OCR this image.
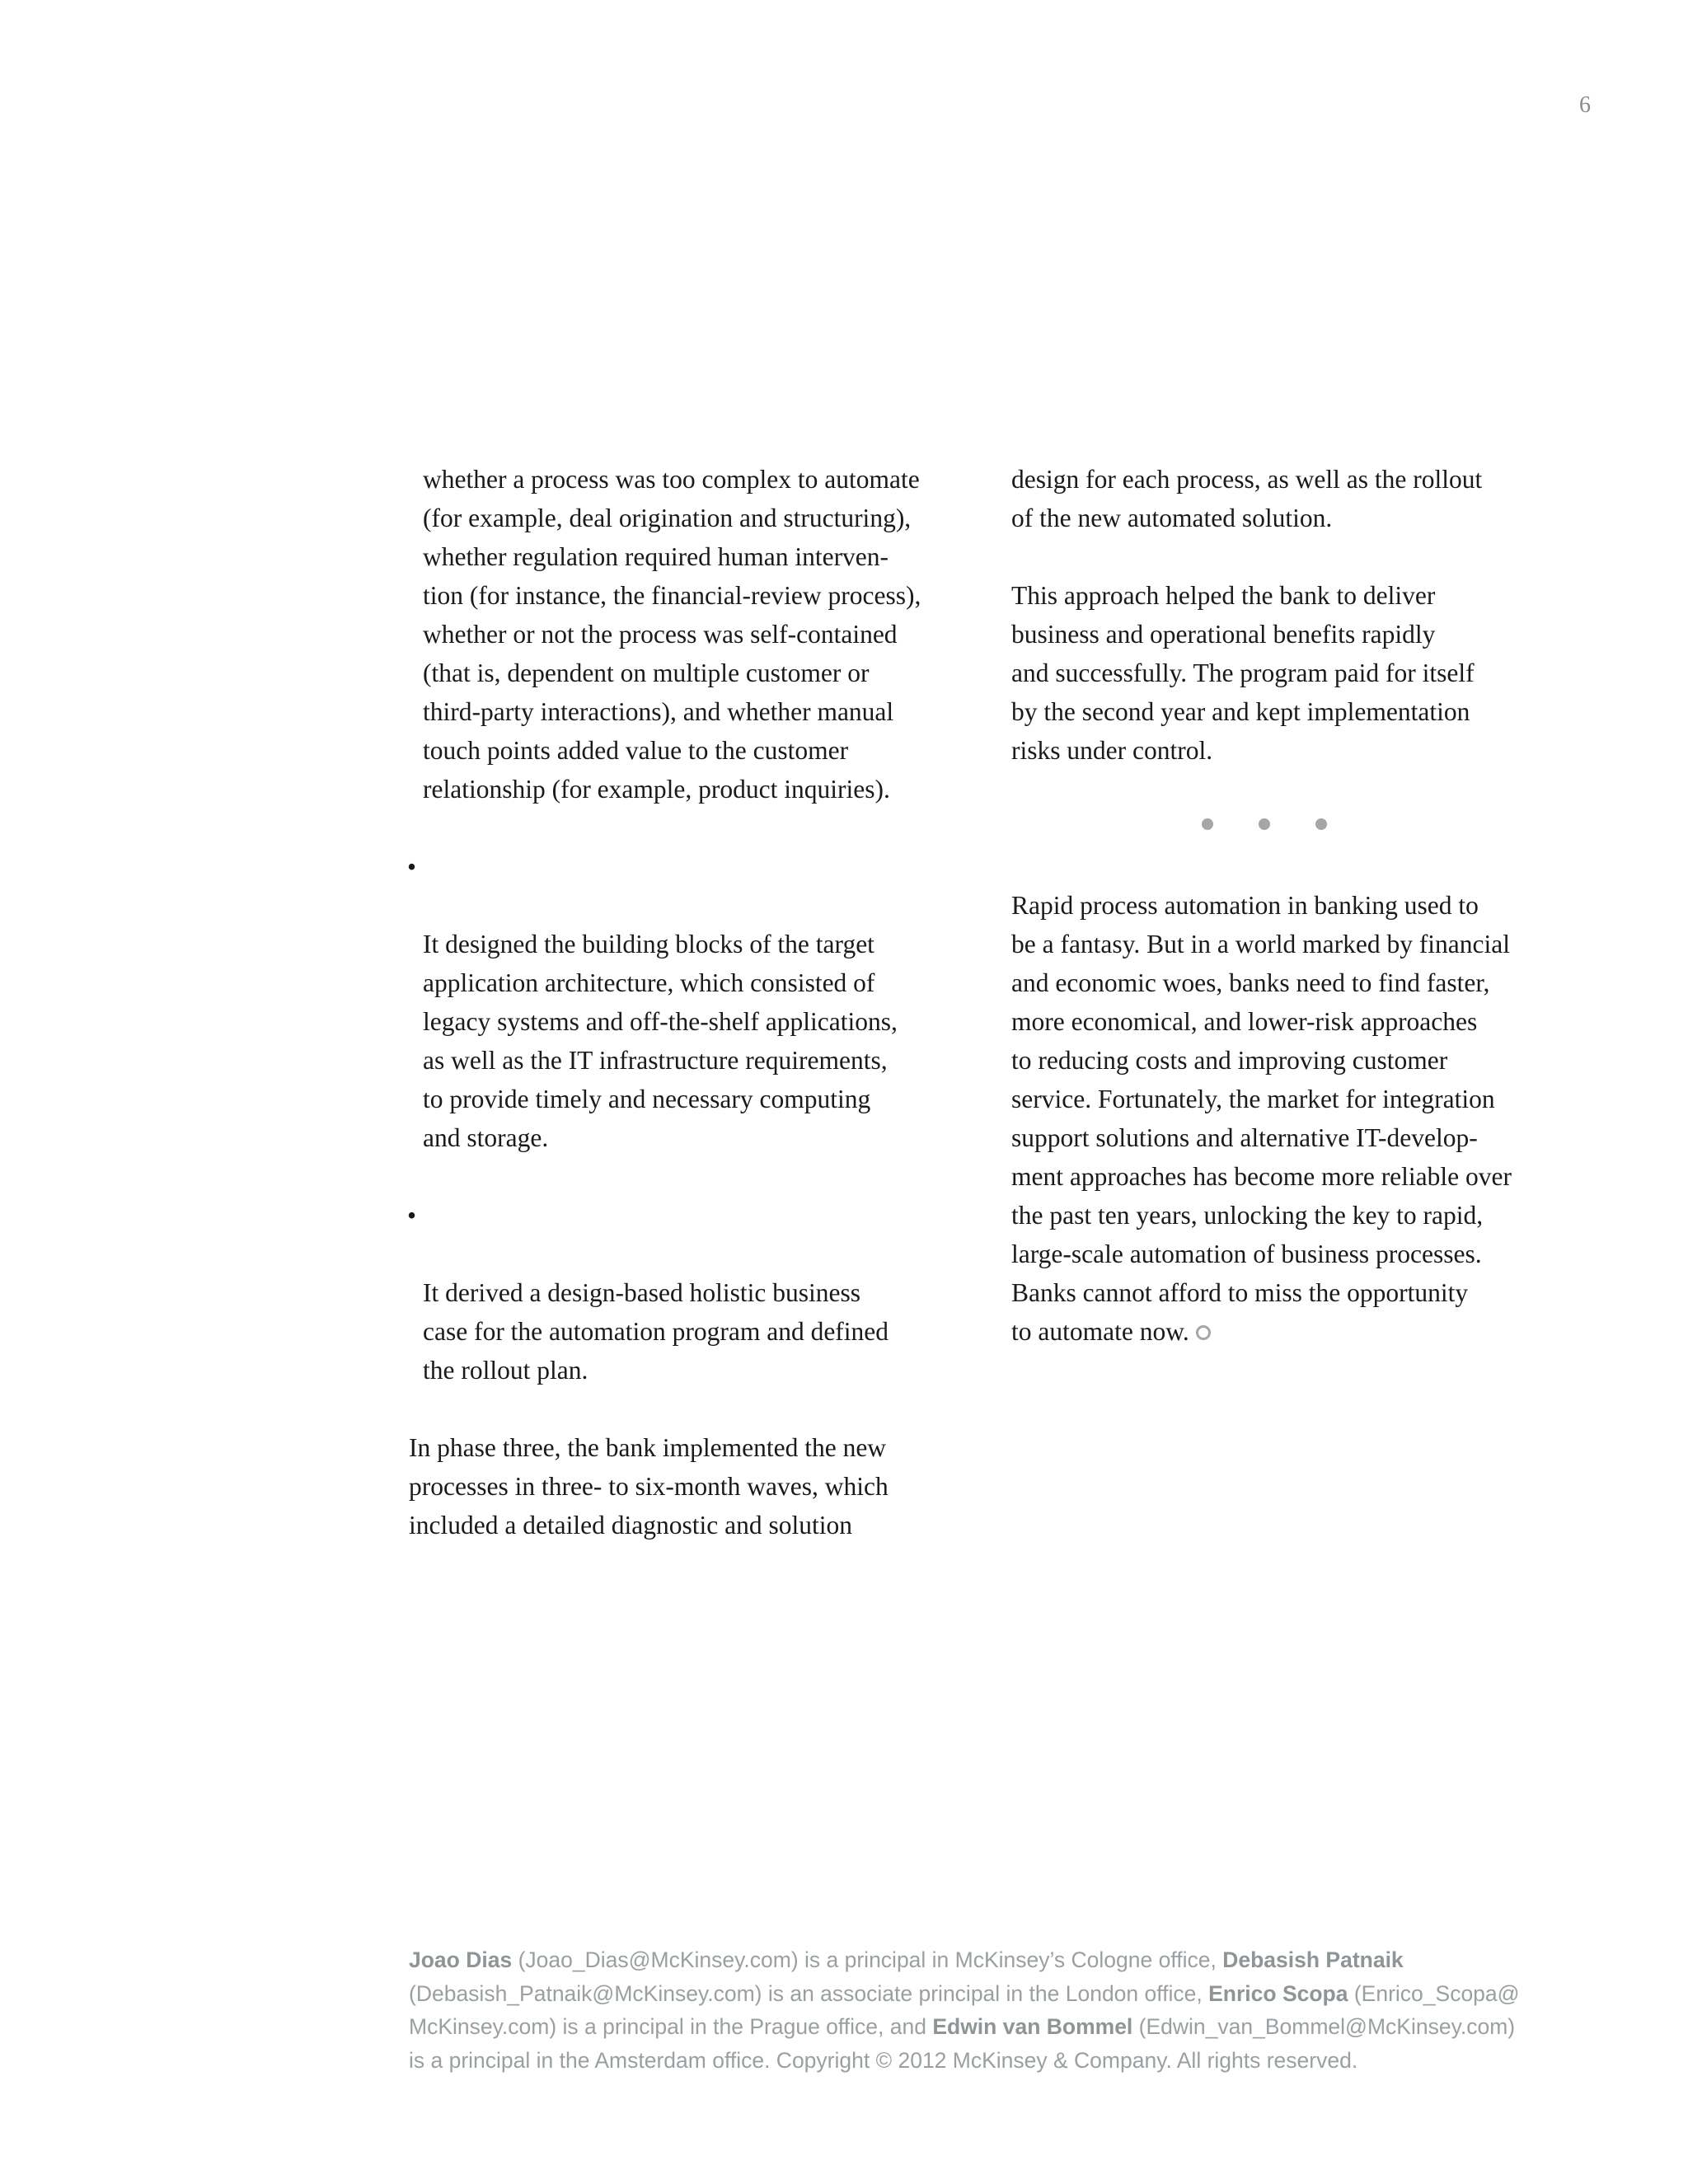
6

whether a process was too complex to automate
(for example, deal origination and structuring),
whether regulation required human interven-
tion (for instance, the financial-review process),
whether or not the process was self-contained
(that is, dependent on multiple customer or
third-party interactions), and whether manual
touch points added value to the customer
relationship (for example, product inquiries).

•

It designed the building blocks of the target
application architecture, which consisted of
legacy systems and off-the-shelf applications,
as well as the IT infrastructure requirements,
to provide timely and necessary computing
and storage.

•

It derived a design-based holistic business
case for the automation program and defined
the rollout plan.

In phase three, the bank implemented the new
processes in three- to six-month waves, which
included a detailed diagnostic and solution

design for each process, as well as the rollout
of the new automated solution.

This approach helped the bank to deliver
business and operational benefits rapidly
and successfully. The program paid for itself
by the second year and kept implementation
risks under control.

Rapid process automation in banking used to
be a fantasy. But in a world marked by financial
and economic woes, banks need to find faster,
more economical, and lower-risk approaches
to reducing costs and improving customer
service. Fortunately, the market for integration
support solutions and alternative IT-develop-
ment approaches has become more reliable over
the past ten years, unlocking the key to rapid,
large-scale automation of business processes.
Banks cannot afford to miss the opportunity
to automate now.

Joao Dias (Joao_Dias@McKinsey.com) is a principal in McKinsey’s Cologne office, Debasish Patnaik
(Debasish_Patnaik@McKinsey.com) is an associate principal in the London office, Enrico Scopa (Enrico_Scopa@
McKinsey.com) is a principal in the Prague office, and Edwin van Bommel (Edwin_van_Bommel@McKinsey.com)
is a principal in the Amsterdam office. Copyright © 2012 McKinsey & Company. All rights reserved.
